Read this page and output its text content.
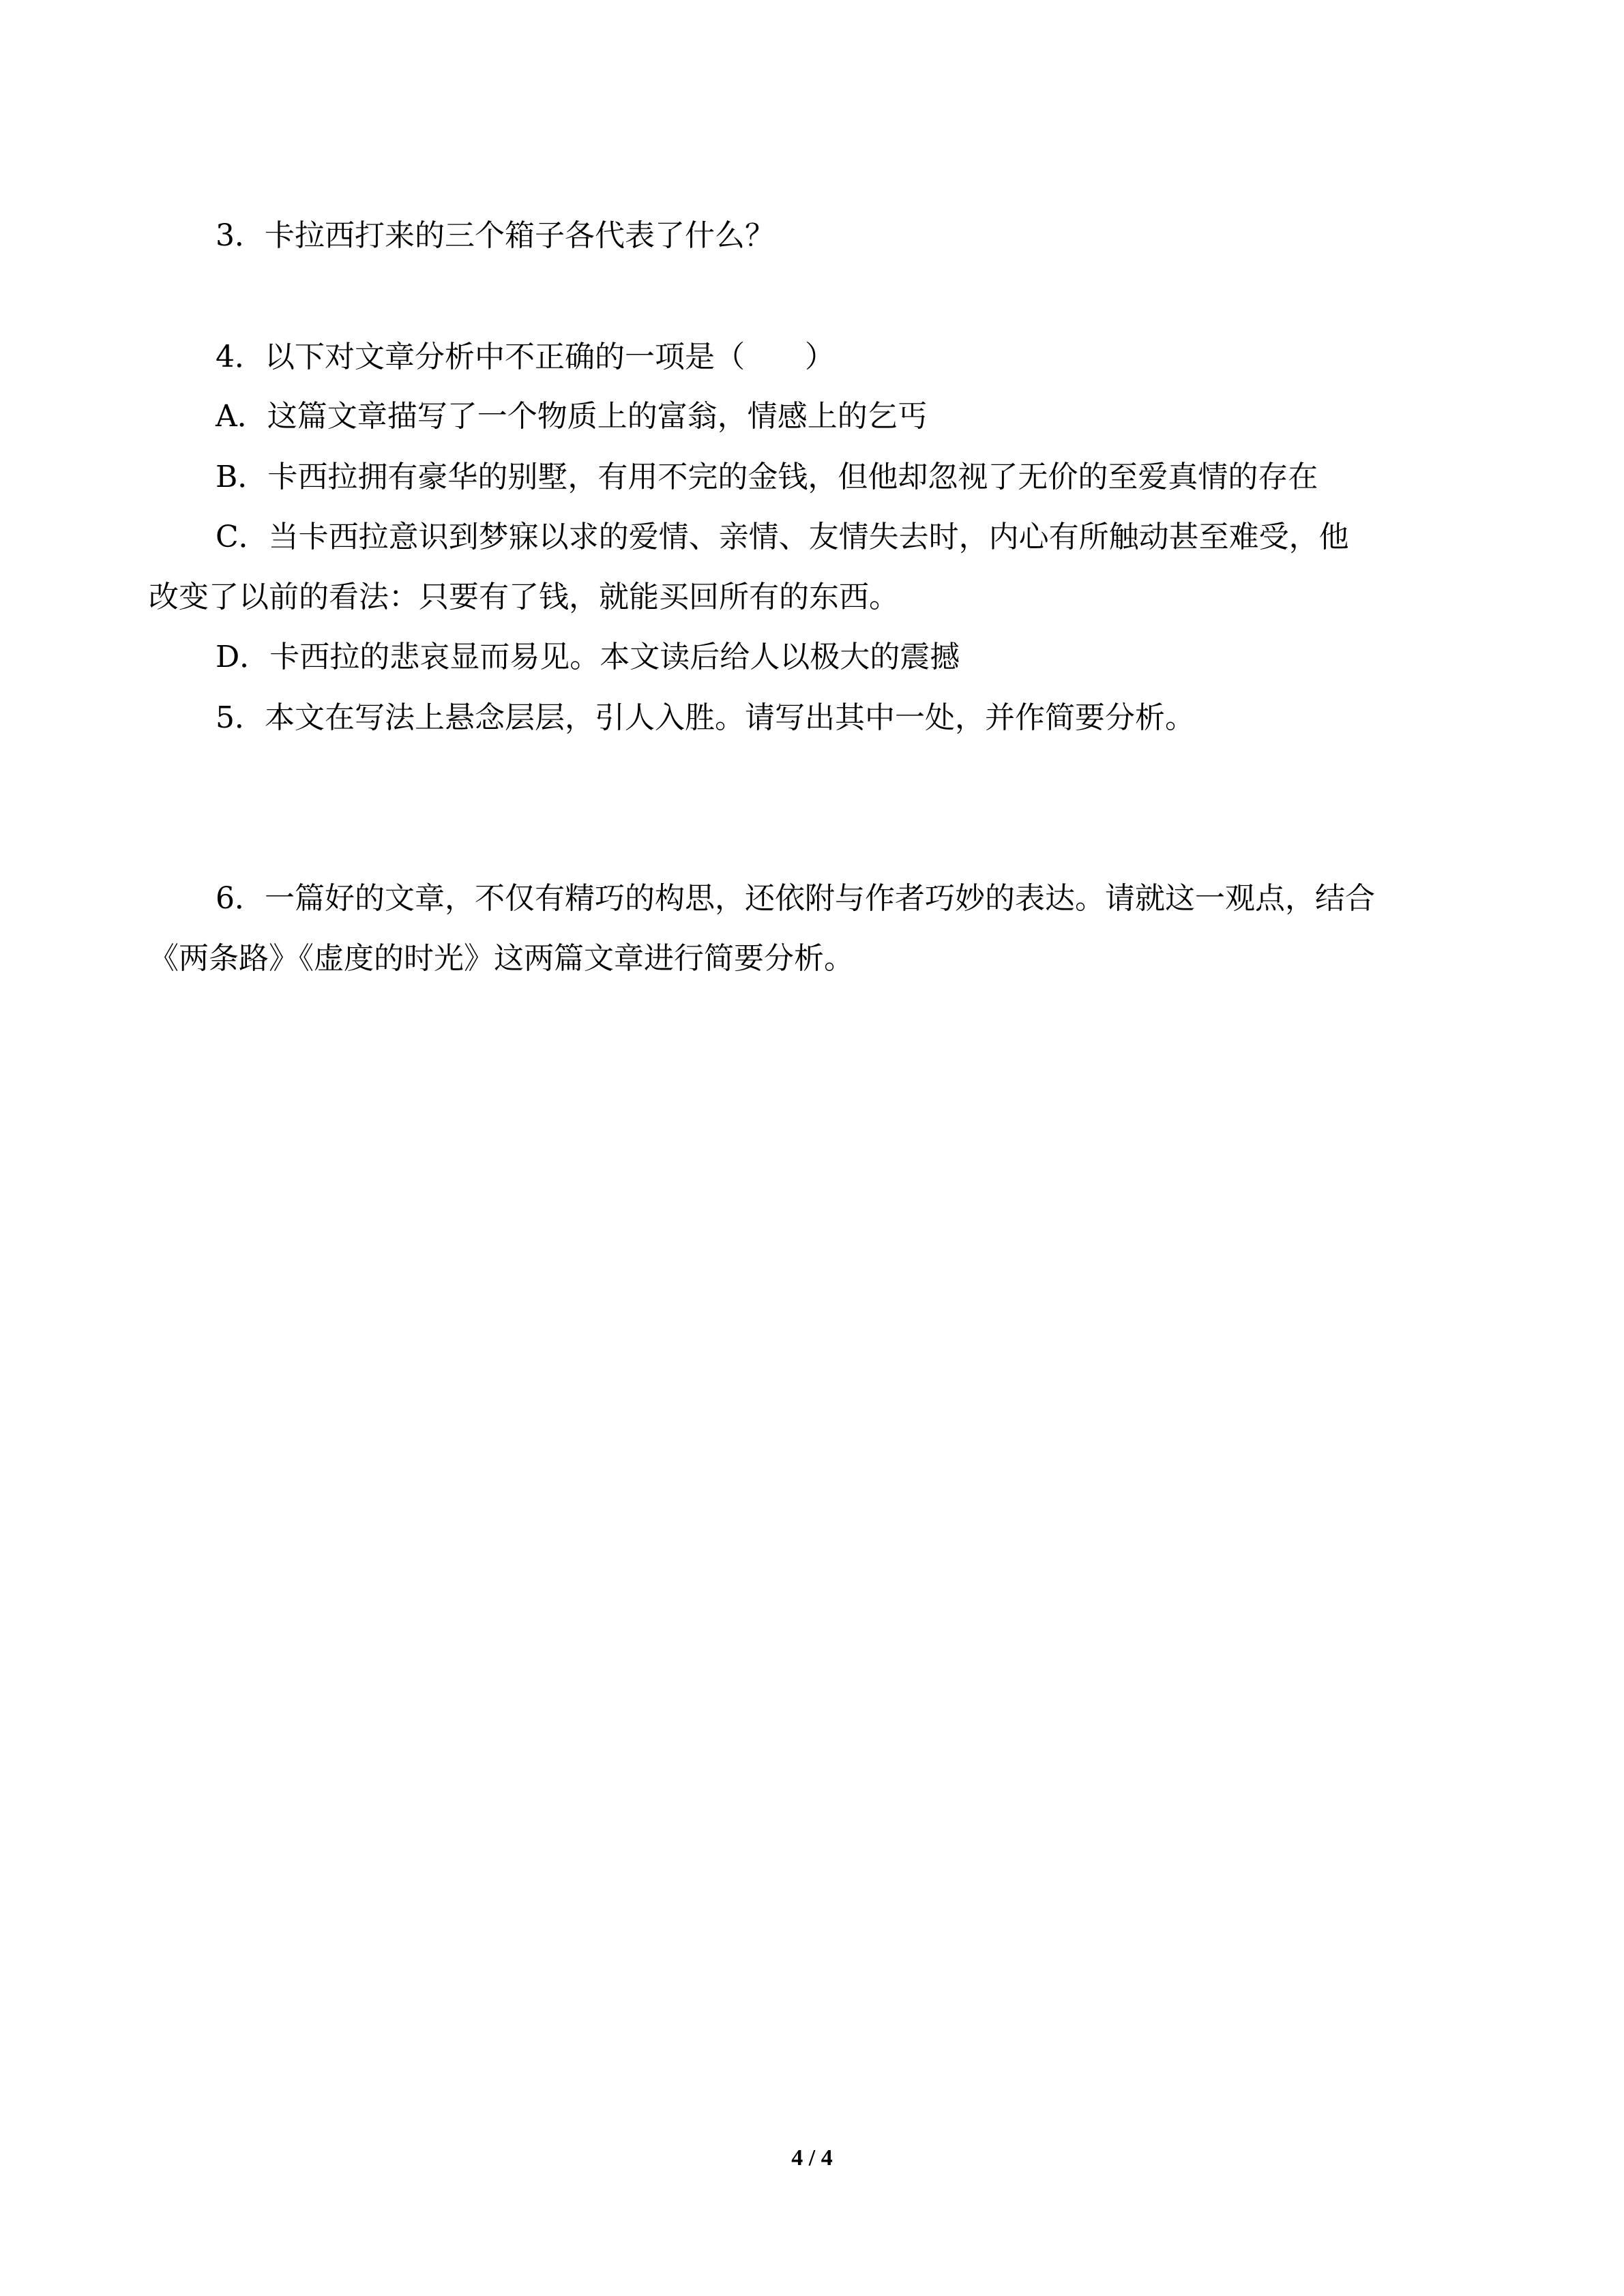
3．卡拉西打来的三个箱子各代表了什么？

4．以下对文章分析中不正确的一项是（　　）

A．这篇文章描写了一个物质上的富翁，情感上的乞丐

B．卡西拉拥有豪华的别墅，有用不完的金钱，但他却忽视了无价的至爱真情的存在

C．当卡西拉意识到梦寐以求的爱情、亲情、友情失去时，内心有所触动甚至难受，他

改变了以前的看法：只要有了钱，就能买回所有的东西。

D．卡西拉的悲哀显而易见。本文读后给人以极大的震撼

5．本文在写法上悬念层层，引人入胜。请写出其中一处，并作简要分析。

6．一篇好的文章，不仅有精巧的构思，还依附与作者巧妙的表达。请就这一观点，结合

《两条路》《虚度的时光》这两篇文章进行简要分析。

4 / 4
